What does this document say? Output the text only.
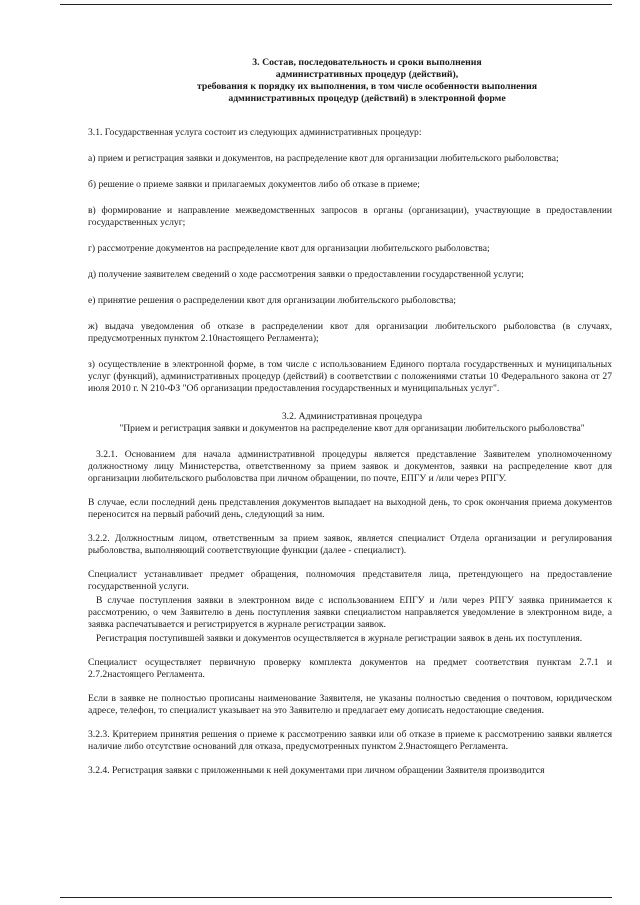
3. Состав, последовательность и сроки выполнения
административных процедур (действий),
требования к порядку их выполнения, в том числе особенности выполнения
административных процедур (действий) в электронной форме

3.1. Государственная услуга состоит из следующих административных процедур:

а) прием и регистрация заявки и документов, на распределение квот для организации любительского рыболовства;

б) решение о приеме заявки и прилагаемых документов либо об отказе в приеме;

в) формирование и направление межведомственных запросов в органы (организации), участвующие в предоставлении государственных услуг;

г) рассмотрение документов на распределение квот для организации любительского рыболовства;

д) получение заявителем сведений о ходе рассмотрения заявки о предоставлении государственной услуги;

е) принятие решения о распределении квот для организации любительского рыболовства;

ж) выдача уведомления об отказе в распределении квот для организации любительского рыболовства (в случаях, предусмотренных пунктом 2.10настоящего Регламента);

з) осуществление в электронной форме, в том числе с использованием Единого портала государственных и муниципальных услуг (функций), административных процедур (действий) в соответствии с положениями статьи 10 Федерального закона от 27 июля 2010 г. N 210-ФЗ "Об организации предоставления государственных и муниципальных услуг".

3.2. Административная процедура
"Прием и регистрация заявки и документов на распределение квот для организации любительского рыболовства"

3.2.1. Основанием для начала административной процедуры является представление Заявителем уполномоченному должностному лицу Министерства, ответственному за прием заявок и документов, заявки на распределение квот для организации любительского рыболовства при личном обращении, по почте, ЕПГУ и /или через РПГУ.

В случае, если последний день представления документов выпадает на выходной день, то срок окончания приема документов переносится на первый рабочий день, следующий за ним.

3.2.2. Должностным лицом, ответственным за прием заявок, является специалист Отдела организации и регулирования рыболовства, выполняющий соответствующие функции (далее - специалист).

Специалист устанавливает предмет обращения, полномочия представителя лица, претендующего на предоставление государственной услуги.

В случае поступления заявки в электронном виде с использованием ЕПГУ и /или через РПГУ заявка принимается к рассмотрению, о чем Заявителю в день поступления заявки специалистом направляется уведомление в электронном виде, а заявка распечатывается и регистрируется в журнале регистрации заявок.

Регистрация поступившей заявки и документов осуществляется в журнале регистрации заявок в день их поступления.

Специалист осуществляет первичную проверку комплекта документов на предмет соответствия пунктам 2.7.1 и 2.7.2настоящего Регламента.

Если в заявке не полностью прописаны наименование Заявителя, не указаны полностью сведения о почтовом, юридическом адресе, телефон, то специалист указывает на это Заявителю и предлагает ему дописать недостающие сведения.

3.2.3. Критерием принятия решения о приеме к рассмотрению заявки или об отказе в приеме к рассмотрению заявки является наличие либо отсутствие оснований для отказа, предусмотренных пунктом 2.9настоящего Регламента.

3.2.4. Регистрация заявки с приложенными к ней документами при личном обращении Заявителя производится
